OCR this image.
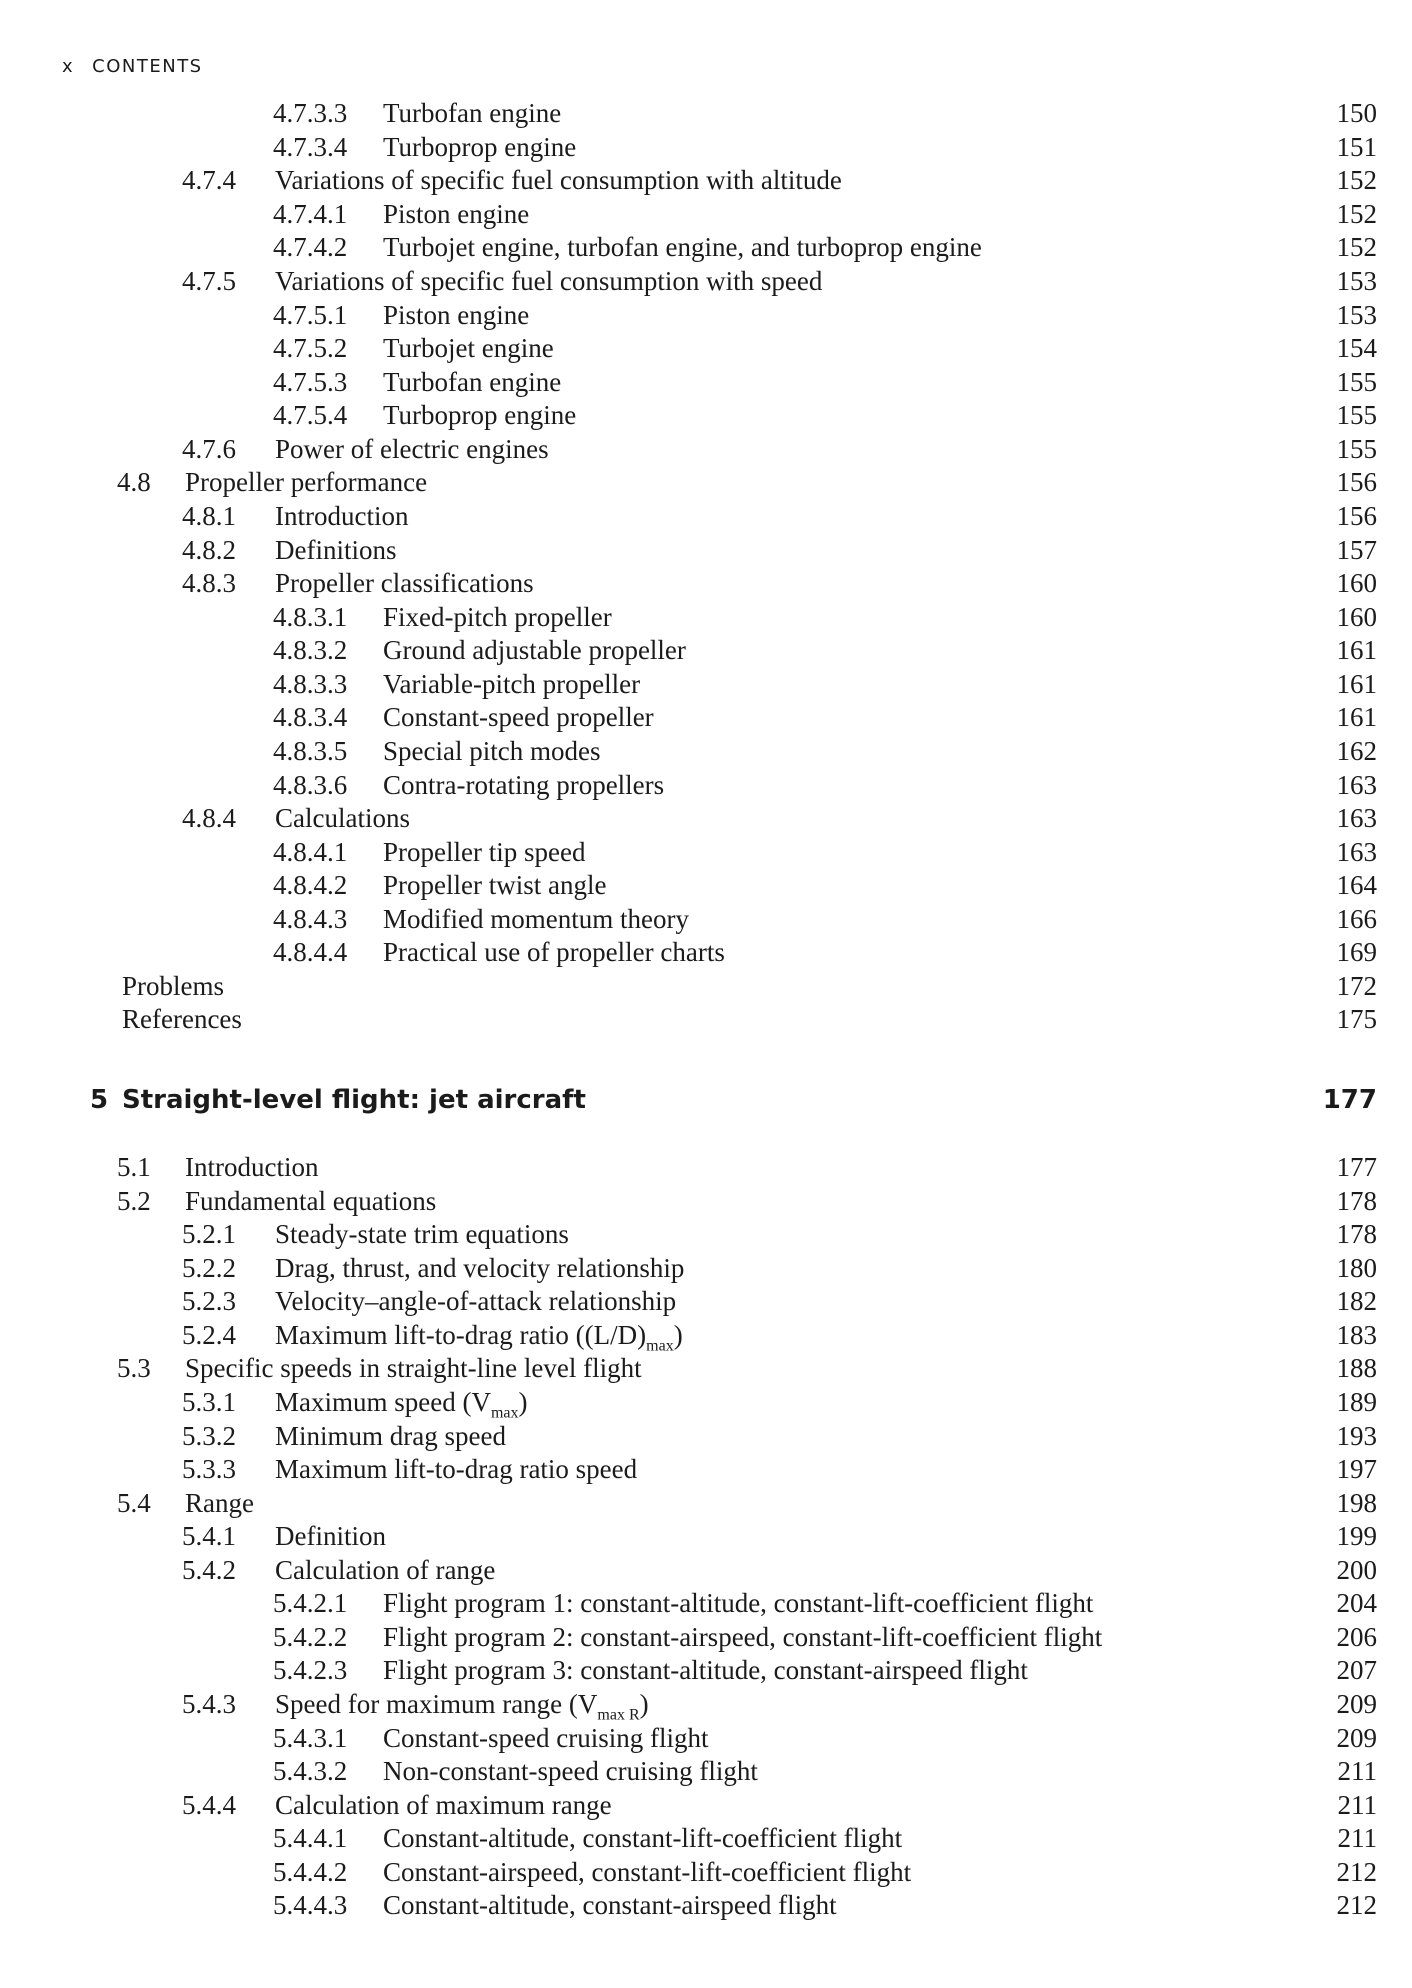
x CONTENTS
4.7.3.3 Turbofan engine	150
4.7.3.4 Turboprop engine	151
4.7.4 Variations of specific fuel consumption with altitude	152
4.7.4.1 Piston engine	152
4.7.4.2 Turbojet engine, turbofan engine, and turboprop engine	152
4.7.5 Variations of specific fuel consumption with speed	153
4.7.5.1 Piston engine	153
4.7.5.2 Turbojet engine	154
4.7.5.3 Turbofan engine	155
4.7.5.4 Turboprop engine	155
4.7.6 Power of electric engines	155
4.8 Propeller performance	156
4.8.1 Introduction	156
4.8.2 Definitions	157
4.8.3 Propeller classifications	160
4.8.3.1 Fixed-pitch propeller	160
4.8.3.2 Ground adjustable propeller	161
4.8.3.3 Variable-pitch propeller	161
4.8.3.4 Constant-speed propeller	161
4.8.3.5 Special pitch modes	162
4.8.3.6 Contra-rotating propellers	163
4.8.4 Calculations	163
4.8.4.1 Propeller tip speed	163
4.8.4.2 Propeller twist angle	164
4.8.4.3 Modified momentum theory	166
4.8.4.4 Practical use of propeller charts	169
Problems	172
References	175
5 Straight-level flight: jet aircraft	177
5.1 Introduction	177
5.2 Fundamental equations	178
5.2.1 Steady-state trim equations	178
5.2.2 Drag, thrust, and velocity relationship	180
5.2.3 Velocity–angle-of-attack relationship	182
5.2.4 Maximum lift-to-drag ratio $((L/D)_{max})$	183
5.3 Specific speeds in straight-line level flight	188
5.3.1 Maximum speed $(V_{max})$	189
5.3.2 Minimum drag speed	193
5.3.3 Maximum lift-to-drag ratio speed	197
5.4 Range	198
5.4.1 Definition	199
5.4.2 Calculation of range	200
5.4.2.1 Flight program 1: constant-altitude, constant-lift-coefficient flight	204
5.4.2.2 Flight program 2: constant-airspeed, constant-lift-coefficient flight	206
5.4.2.3 Flight program 3: constant-altitude, constant-airspeed flight	207
5.4.3 Speed for maximum range $(V_{max R})$	209
5.4.3.1 Constant-speed cruising flight	209
5.4.3.2 Non-constant-speed cruising flight	211
5.4.4 Calculation of maximum range	211
5.4.4.1 Constant-altitude, constant-lift-coefficient flight	211
5.4.4.2 Constant-airspeed, constant-lift-coefficient flight	212
5.4.4.3 Constant-altitude, constant-airspeed flight	212
